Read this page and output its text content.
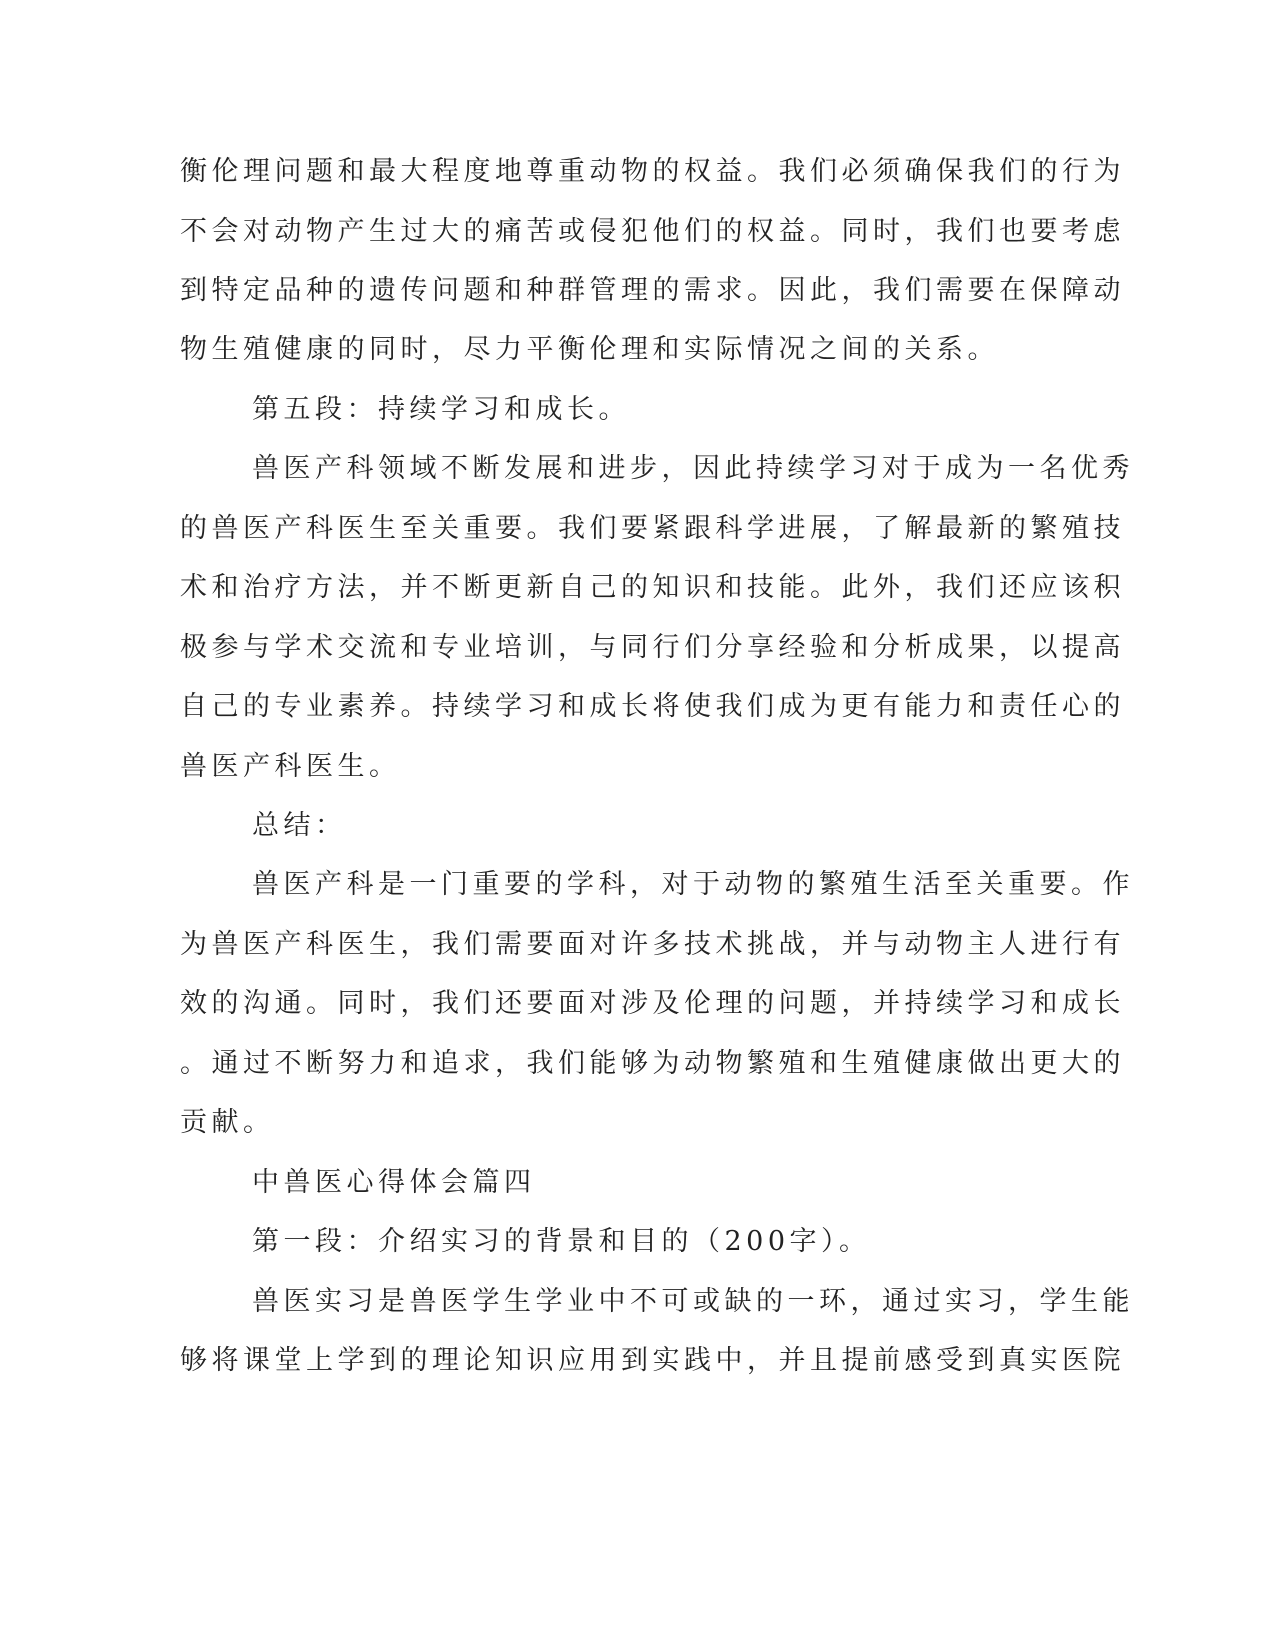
衡伦理问题和最大程度地尊重动物的权益。我们必须确保我们的行为
不会对动物产生过大的痛苦或侵犯他们的权益。同时，我们也要考虑
到特定品种的遗传问题和种群管理的需求。因此，我们需要在保障动
物生殖健康的同时，尽力平衡伦理和实际情况之间的关系。
第五段：持续学习和成长。
兽医产科领域不断发展和进步，因此持续学习对于成为一名优秀
的兽医产科医生至关重要。我们要紧跟科学进展，了解最新的繁殖技
术和治疗方法，并不断更新自己的知识和技能。此外，我们还应该积
极参与学术交流和专业培训，与同行们分享经验和分析成果，以提高
自己的专业素养。持续学习和成长将使我们成为更有能力和责任心的
兽医产科医生。
总结：
兽医产科是一门重要的学科，对于动物的繁殖生活至关重要。作
为兽医产科医生，我们需要面对许多技术挑战，并与动物主人进行有
效的沟通。同时，我们还要面对涉及伦理的问题，并持续学习和成长
。通过不断努力和追求，我们能够为动物繁殖和生殖健康做出更大的
贡献。
中兽医心得体会篇四
第一段：介绍实习的背景和目的（200字）。
兽医实习是兽医学生学业中不可或缺的一环，通过实习，学生能
够将课堂上学到的理论知识应用到实践中，并且提前感受到真实医院
